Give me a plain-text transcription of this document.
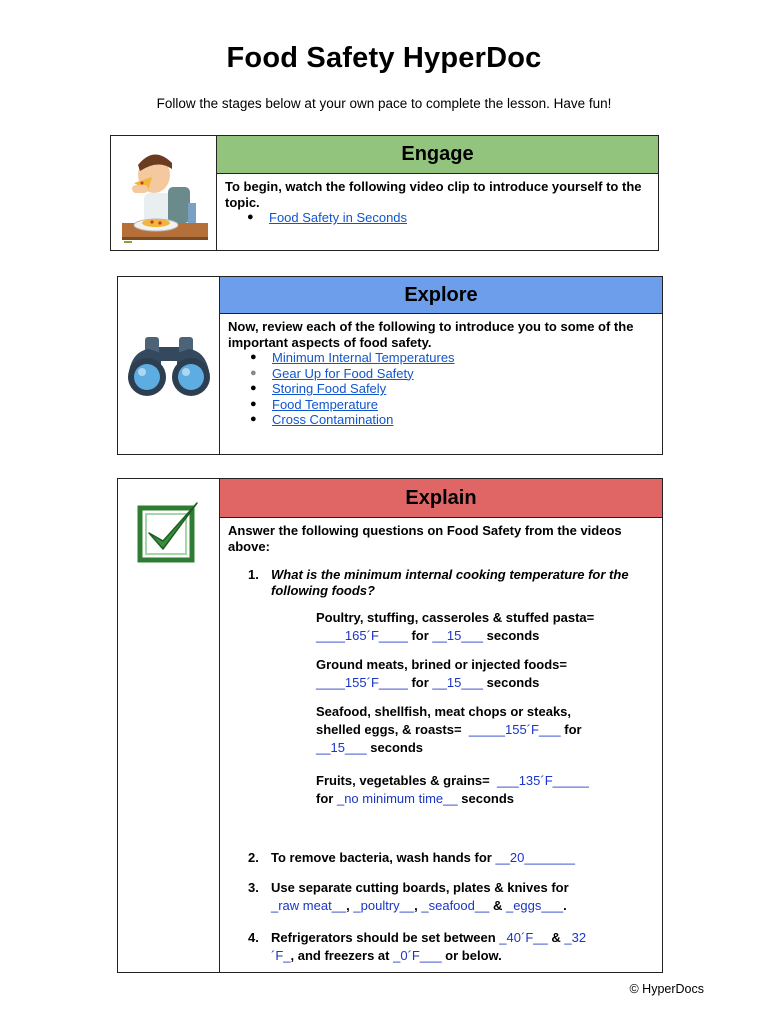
Food Safety HyperDoc
Follow the stages below at your own pace to complete the lesson. Have fun!
Engage
To begin, watch the following video clip to introduce yourself to the topic.
● Food Safety in Seconds
Explore
Now, review each of the following to introduce you to some of the important aspects of food safety.
● Minimum Internal Temperatures
● Gear Up for Food Safety
● Storing Food Safely
● Food Temperature
● Cross Contamination
Explain
Answer the following questions on Food Safety from the videos above:
1. What is the minimum internal cooking temperature for the following foods?
Poultry, stuffing, casseroles & stuffed pasta=
____165´F____ for __15___ seconds
Ground meats, brined or injected foods=
____155´F____ for __15___ seconds
Seafood, shellfish, meat chops or steaks,
shelled eggs, & roasts= _____155´F___ for
__15___ seconds
Fruits, vegetables & grains= ___135´F_____
for _no minimum time__ seconds
2. To remove bacteria, wash hands for __20_______
3. Use separate cutting boards, plates & knives for
_raw meat__, _poultry__, _seafood__ & _eggs___.
4. Refrigerators should be set between _40´F__ & _32
´F_, and freezers at _0´F___ or below.
© HyperDocs
